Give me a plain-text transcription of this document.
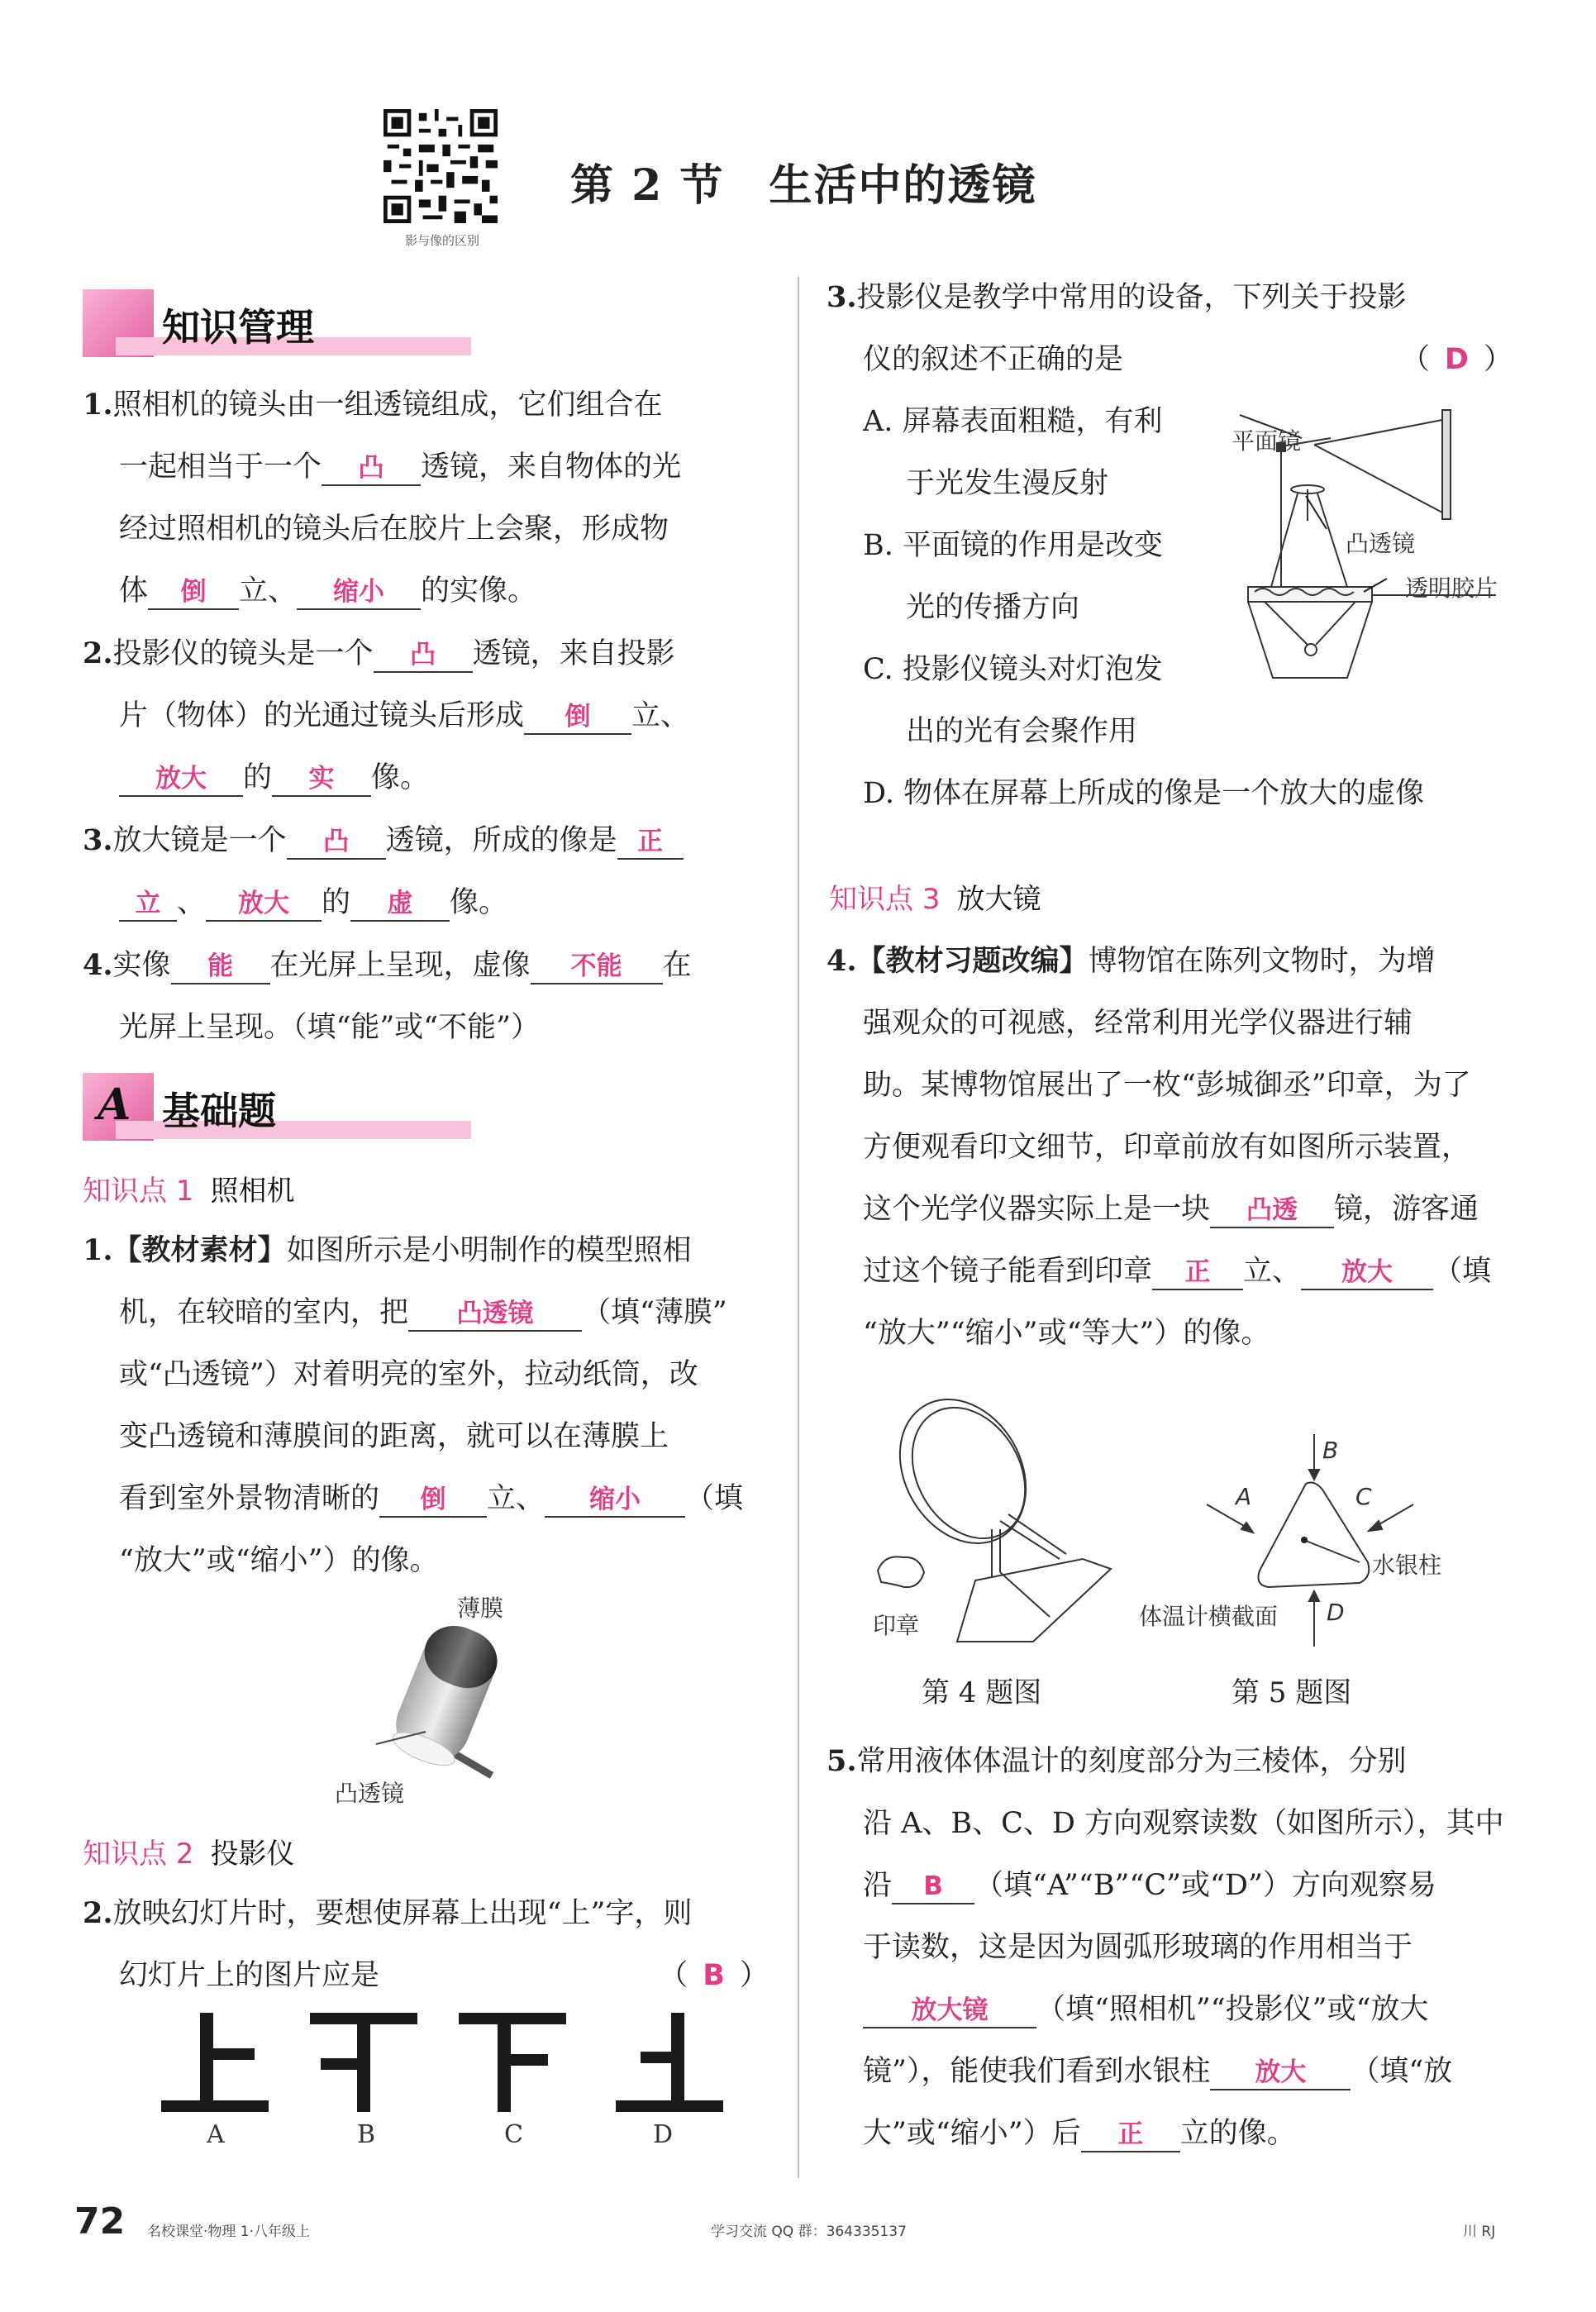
影与像的区别
第 2 节　生活中的透镜
知识管理
1.照相机的镜头由一组透镜组成，它们组合在
一起相当于一个 凸 透镜，来自物体的光
经过照相机的镜头后在胶片上会聚，形成物
体 倒 立、 缩小 的实像。
2.投影仪的镜头是一个 凸 透镜，来自投影
片（物体）的光通过镜头后形成 倒 立、
放大 的 实 像。
3.放大镜是一个 凸 透镜，所成的像是 正
立 、 放大 的 虚 像。
4.实像 能 在光屏上呈现，虚像 不能 在
光屏上呈现。（填“能”或“不能”）
A 基础题
知识点 1 照相机
1.【教材素材】如图所示是小明制作的模型照相
机，在较暗的室内，把 凸透镜 （填“薄膜”
或“凸透镜”）对着明亮的室外，拉动纸筒，改
变凸透镜和薄膜间的距离，就可以在薄膜上
看到室外景物清晰的 倒 立、 缩小 （填
“放大”或“缩小”）的像。
薄膜
凸透镜
知识点 2 投影仪
2.放映幻灯片时，要想使屏幕上出现“上”字，则
幻灯片上的图片应是	（ B ）
A	B	C	D
3.投影仪是教学中常用的设备，下列关于投影
仪的叙述不正确的是	（ D ）
A. 屏幕表面粗糙，有利
于光发生漫反射
B. 平面镜的作用是改变
光的传播方向
C. 投影仪镜头对灯泡发
出的光有会聚作用
D. 物体在屏幕上所成的像是一个放大的虚像
平面镜
凸透镜
透明胶片
知识点 3 放大镜
4.【教材习题改编】博物馆在陈列文物时，为增
强观众的可视感，经常利用光学仪器进行辅
助。某博物馆展出了一枚“彭城御丞”印章，为了
方便观看印文细节，印章前放有如图所示装置，
这个光学仪器实际上是一块 凸透 镜，游客通
过这个镜子能看到印章 正 立、 放大 （填
“放大”“缩小”或“等大”）的像。
印章
第 4 题图
B
A	C
D
水银柱
体温计横截面
第 5 题图
5.常用液体体温计的刻度部分为三棱体，分别
沿 A、B、C、D 方向观察读数（如图所示），其中
沿 B （填“A”“B”“C”或“D”）方向观察易
于读数，这是因为圆弧形玻璃的作用相当于
放大镜 （填“照相机”“投影仪”或“放大
镜”），能使我们看到水银柱 放大 （填“放
大”或“缩小”）后 正 立的像。
72 名校课堂·物理 1·八年级上	学习交流 QQ 群：364335137	川 RJ
